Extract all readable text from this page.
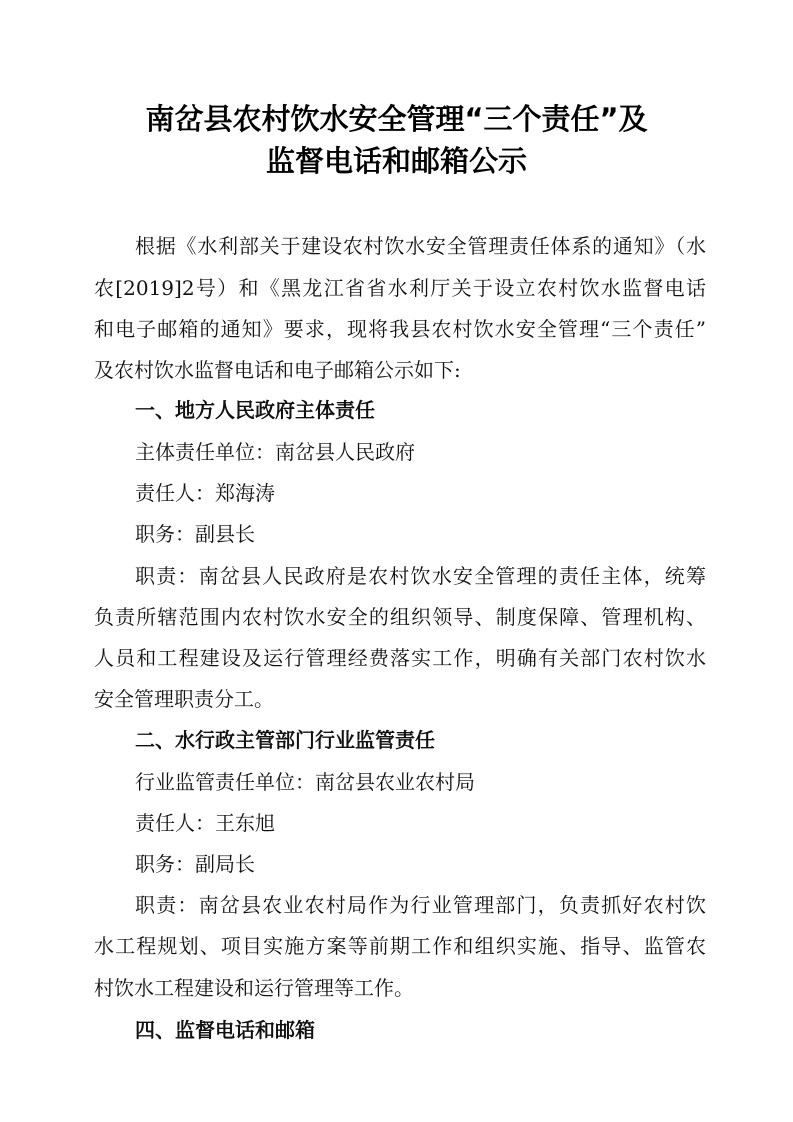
南岔县农村饮水安全管理“三个责任”及
监督电话和邮箱公示
根据《水利部关于建设农村饮水安全管理责任体系的通知》（水
农[2019]2号）和《黑龙江省省水利厅关于设立农村饮水监督电话
和电子邮箱的通知》要求，现将我县农村饮水安全管理“三个责任”
及农村饮水监督电话和电子邮箱公示如下:
一、地方人民政府主体责任
主体责任单位：南岔县人民政府
责任人：郑海涛
职务：副县长
职责：南岔县人民政府是农村饮水安全管理的责任主体，统筹
负责所辖范围内农村饮水安全的组织领导、制度保障、管理机构、
人员和工程建设及运行管理经费落实工作，明确有关部门农村饮水
安全管理职责分工。
二、水行政主管部门行业监管责任
行业监管责任单位：南岔县农业农村局
责任人：王东旭
职务：副局长
职责：南岔县农业农村局作为行业管理部门，负责抓好农村饮
水工程规划、项目实施方案等前期工作和组织实施、指导、监管农
村饮水工程建设和运行管理等工作。
四、监督电话和邮箱
